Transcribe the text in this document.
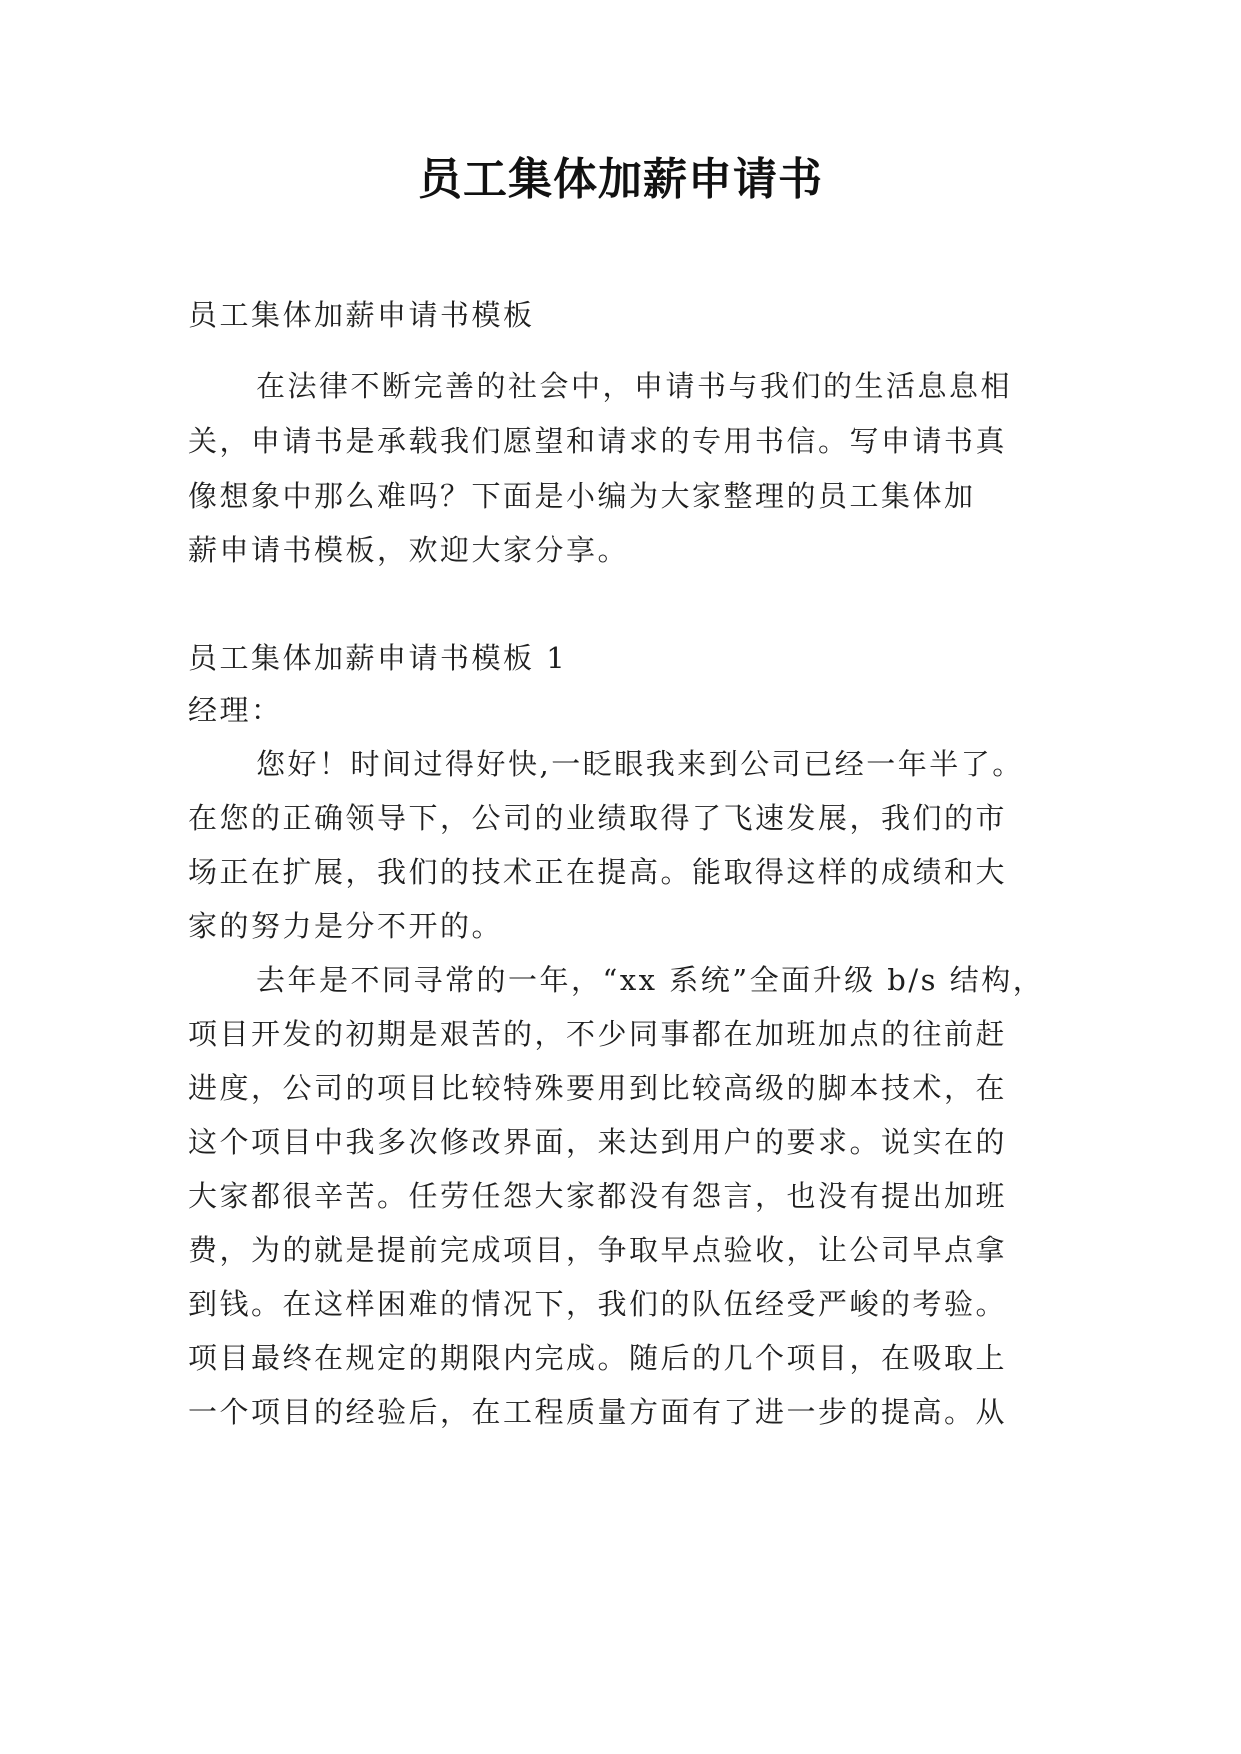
员工集体加薪申请书
员工集体加薪申请书模板
在法律不断完善的社会中，申请书与我们的生活息息相
关，申请书是承载我们愿望和请求的专用书信。写申请书真
像想象中那么难吗？下面是小编为大家整理的员工集体加
薪申请书模板，欢迎大家分享。
员工集体加薪申请书模板 1
经理：
您好！时间过得好快,一眨眼我来到公司已经一年半了。
在您的正确领导下，公司的业绩取得了飞速发展，我们的市
场正在扩展，我们的技术正在提高。能取得这样的成绩和大
家的努力是分不开的。
去年是不同寻常的一年，“xx 系统”全面升级 b/s 结构，
项目开发的初期是艰苦的，不少同事都在加班加点的往前赶
进度，公司的项目比较特殊要用到比较高级的脚本技术，在
这个项目中我多次修改界面，来达到用户的要求。说实在的
大家都很辛苦。任劳任怨大家都没有怨言，也没有提出加班
费，为的就是提前完成项目，争取早点验收，让公司早点拿
到钱。在这样困难的情况下，我们的队伍经受严峻的考验。
项目最终在规定的期限内完成。随后的几个项目，在吸取上
一个项目的经验后，在工程质量方面有了进一步的提高。从
